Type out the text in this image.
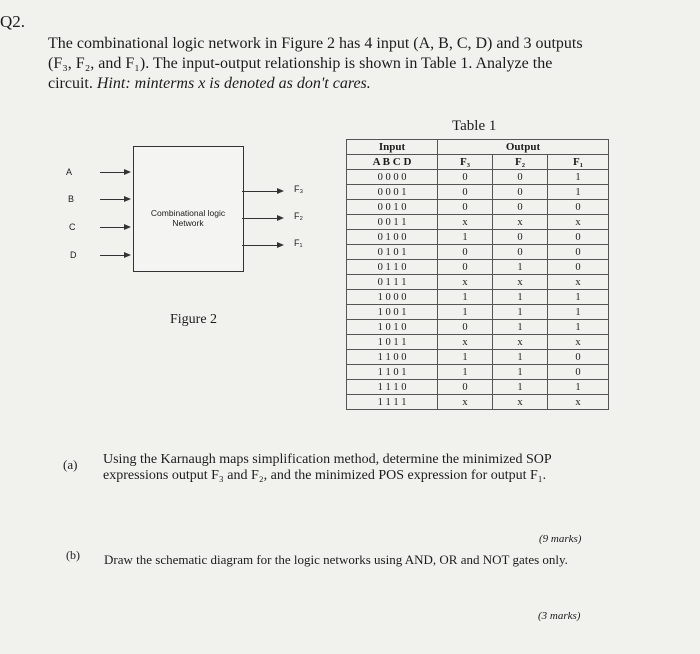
Q2.
The combinational logic network in Figure 2 has 4 input (A, B, C, D) and 3 outputs
(F₃, F₂, and F₁). The input-output relationship is shown in Table 1. Analyze the
circuit. Hint: minterms x is denoted as don't cares.
Combinational logic
Network
A
B
C
D
F₃
F₂
F₁
Figure 2
Table 1
Input	Output		
A B C D	F₃	F₂	F₁
0 0 0 0	0	0	1
0 0 0 1	0	0	1
0 0 1 0	0	0	0
0 0 1 1	x	x	x
0 1 0 0	1	0	0
0 1 0 1	0	0	0
0 1 1 0	0	1	0
0 1 1 1	x	x	x
1 0 0 0	1	1	1
1 0 0 1	1	1	1
1 0 1 0	0	1	1
1 0 1 1	x	x	x
1 1 0 0	1	1	0
1 1 0 1	1	1	0
1 1 1 0	0	1	1
1 1 1 1	x	x	x
(a) Using the Karnaugh maps simplification method, determine the minimized SOP expressions output F₃ and F₂, and the minimized POS expression for output F₁.
(9 marks)
(b) Draw the schematic diagram for the logic networks using AND, OR and NOT gates only.
(3 marks)
